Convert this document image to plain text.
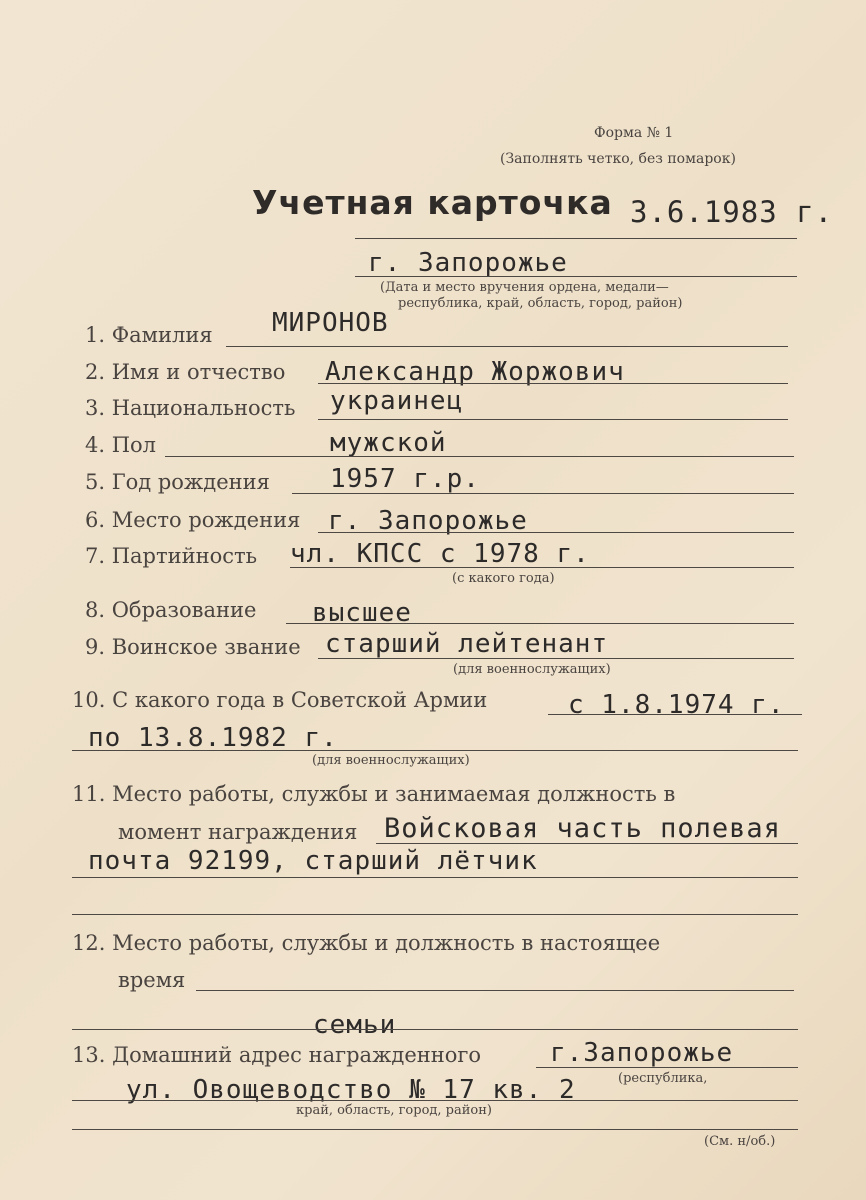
Форма № 1
(Заполнять четко, без помарок)
Учетная карточка 3.6.1983 г.
г. Запорожье
(Дата и место вручения ордена, медали—
республика, край, область, город, район)
1. Фамилия МИРОНОВ
2. Имя и отчество Александр Жоржович
3. Национальность украинец
4. Пол	мужской
5. Год рождения 1957 г.р.
6. Место рождения г. Запорожье
7. Партийность чл. КПСС с 1978 г.
(с какого года)
8. Образование высшее
9. Воинское звание старший лейтенант
(для военнослужащих)
10. С какого года в Советской Армии	с 1.8.1974 г.
по 13.8.1982 г.
(для военнослужащих)
11. Место работы, службы и занимаемая должность в
момент награждения Войсковая часть полевая
почта 92199, старший лётчик
12. Место работы, службы и должность в настоящее
время
семьи
13. Домашний адрес награжденного	г.Запорожье
ул. Овощеводство № 17 кв. 2	(республика,
край, область, город, район)
(См. н/об.)
